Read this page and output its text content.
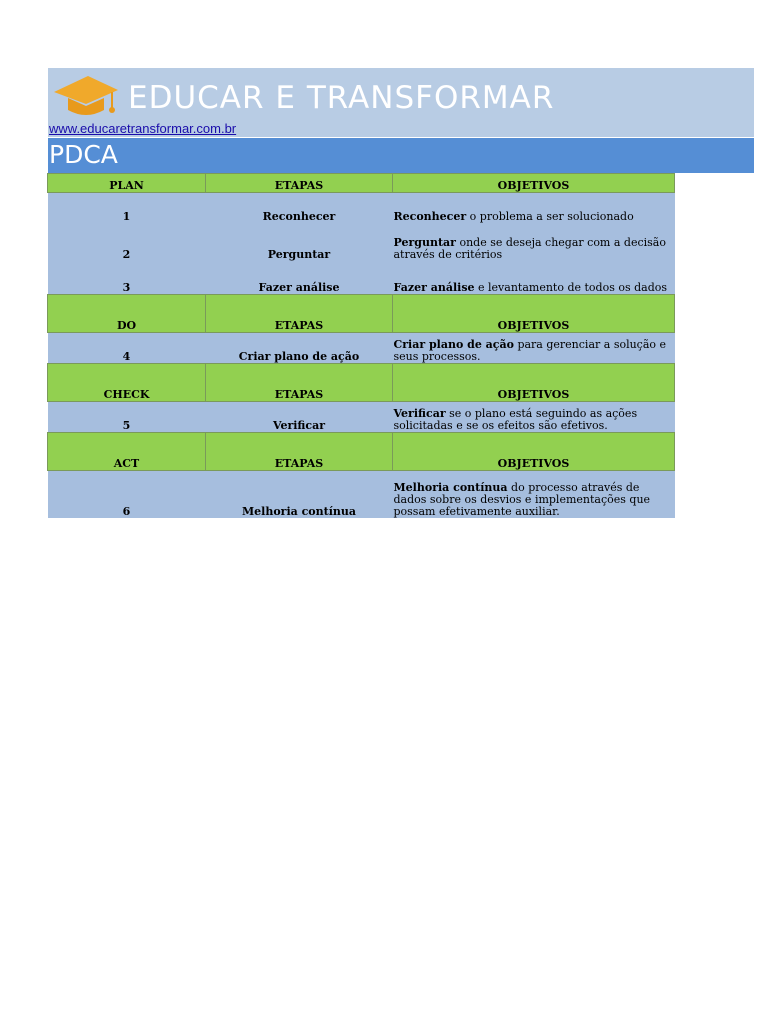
EDUCAR E TRANSFORMAR
www.educaretransformar.com.br
PDCA
PLAN	ETAPAS	OBJETIVOS
1	Reconhecer	Reconhecer o problema a ser solucionado
2	Perguntar	Perguntar onde se deseja chegar com a decisão através de critérios
3	Fazer análise	Fazer análise e levantamento de todos os dados
DO	ETAPAS	OBJETIVOS
4	Criar plano de ação	Criar plano de ação para gerenciar a solução e seus processos.
CHECK	ETAPAS	OBJETIVOS
5	Verificar	Verificar se o plano está seguindo as ações solicitadas e se os efeitos são efetivos.
ACT	ETAPAS	OBJETIVOS
6	Melhoria contínua	Melhoria contínua do processo através de dados sobre os desvios e implementações que possam efetivamente auxiliar.
